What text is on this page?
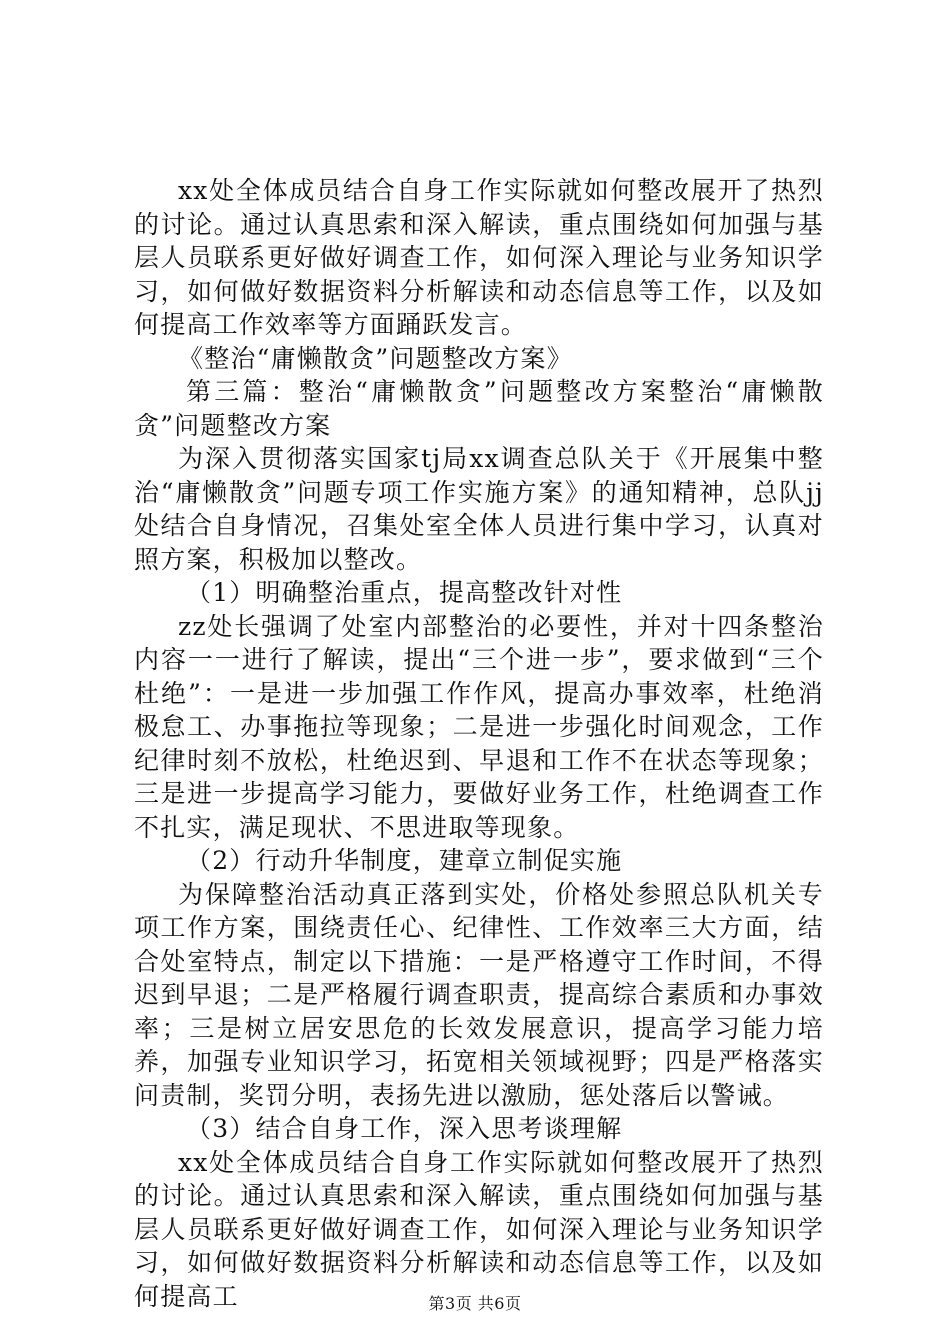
xx处全体成员结合自身工作实际就如何整改展开了热烈的讨论。通过认真思索和深入解读，重点围绕如何加强与基层人员联系更好做好调查工作，如何深入理论与业务知识学习，如何做好数据资料分析解读和动态信息等工作，以及如何提高工作效率等方面踊跃发言。

《整治“庸懒散贪”问题整改方案》

第三篇：整治“庸懒散贪”问题整改方案整治“庸懒散贪”问题整改方案

为深入贯彻落实国家tj局xx调查总队关于《开展集中整治“庸懒散贪”问题专项工作实施方案》的通知精神，总队jj处结合自身情况，召集处室全体人员进行集中学习，认真对照方案，积极加以整改。

（1）明确整治重点，提高整改针对性

zz处长强调了处室内部整治的必要性，并对十四条整治内容一一进行了解读，提出“三个进一步”，要求做到“三个杜绝”：一是进一步加强工作作风，提高办事效率，杜绝消极怠工、办事拖拉等现象；二是进一步强化时间观念，工作纪律时刻不放松，杜绝迟到、早退和工作不在状态等现象；三是进一步提高学习能力，要做好业务工作，杜绝调查工作不扎实，满足现状、不思进取等现象。

（2）行动升华制度，建章立制促实施

为保障整治活动真正落到实处，价格处参照总队机关专项工作方案，围绕责任心、纪律性、工作效率三大方面，结合处室特点，制定以下措施：一是严格遵守工作时间，不得迟到早退；二是严格履行调查职责，提高综合素质和办事效率；三是树立居安思危的长效发展意识，提高学习能力培养，加强专业知识学习，拓宽相关领域视野；四是严格落实问责制，奖罚分明，表扬先进以激励，惩处落后以警诫。

（3）结合自身工作，深入思考谈理解

xx处全体成员结合自身工作实际就如何整改展开了热烈的讨论。通过认真思索和深入解读，重点围绕如何加强与基层人员联系更好做好调查工作，如何深入理论与业务知识学习，如何做好数据资料分析解读和动态信息等工作，以及如何提高工	第3页 共6页
